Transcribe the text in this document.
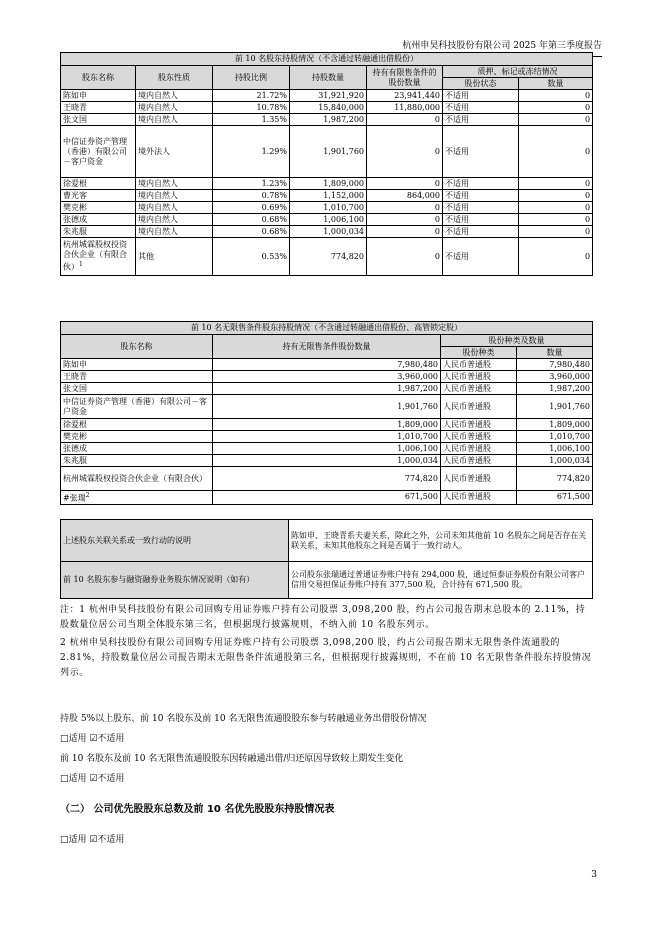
杭州申昊科技股份有限公司 2025 年第三季度报告
前 10 名股东持股情况（不含通过转融通出借股份）						
股东名称	股东性质	持股比例	持股数量	持有有限售条件的股份数量	质押、标记或冻结情况	
					股份状态	数量
陈如申	境内自然人	21.72%	31,921,920	23,941,440	不适用	0
王晓青	境内自然人	10.78%	15,840,000	11,880,000	不适用	0
张文国	境内自然人	1.35%	1,987,200	0	不适用	0
中信证券资产管理（香港）有限公司－客户资金	境外法人	1.29%	1,901,760	0	不适用	0
徐爱根	境内自然人	1.23%	1,809,000	0	不适用	0
曹光客	境内自然人	0.78%	1,152,000	864,000	不适用	0
樊克彬	境内自然人	0.69%	1,010,700	0	不适用	0
张德成	境内自然人	0.68%	1,006,100	0	不适用	0
朱兆服	境内自然人	0.68%	1,000,034	0	不适用	0
杭州城霖股权投资合伙企业（有限合伙）$^1$	其他	0.53%	774,820	0	不适用	0
前 10 名无限售条件股东持股情况（不含通过转融通出借股份、高管锁定股）			
股东名称	持有无限售条件股份数量	股份种类及数量	
		股份种类	数量
陈如申	7,980,480	人民币普通股	7,980,480
王晓青	3,960,000	人民币普通股	3,960,000
张文国	1,987,200	人民币普通股	1,987,200
中信证券资产管理（香港）有限公司－客户资金	1,901,760	人民币普通股	1,901,760
徐爱根	1,809,000	人民币普通股	1,809,000
樊克彬	1,010,700	人民币普通股	1,010,700
张德成	1,006,100	人民币普通股	1,006,100
朱兆服	1,000,034	人民币普通股	1,000,034
杭州城霖股权投资合伙企业（有限合伙）	774,820	人民币普通股	774,820
#张瑞$^2$	671,500	人民币普通股	671,500
上述股东关联关系或一致行动的说明	陈如申、王晓青系夫妻关系，除此之外，公司未知其他前 10 名股东之间是否存在关联关系，未知其他股东之间是否属于一致行动人。
前 10 名股东参与融资融券业务股东情况说明（如有）	公司股东张瑞通过普通证券账户持有 294,000 股，通过恒泰证券股份有限公司客户信用交易担保证券账户持有 377,500 股，合计持有 671,500 股。

注：1 杭州申昊科技股份有限公司回购专用证券账户持有公司股票 3,098,200 股，约占公司报告期末总股本的 2.11%，持股数量位居公司当期全体股东第三名，但根据现行披露规则，不纳入前 10 名股东列示。

2 杭州申昊科技股份有限公司回购专用证券账户持有公司股票 3,098,200 股，约占公司报告期末无限售条件流通股的 2.81%，持股数量位居公司报告期末无限售条件流通股第三名，但根据现行披露规则，不在前 10 名无限售条件股东持股情况列示。

持股 5%以上股东、前 10 名股东及前 10 名无限售流通股股东参与转融通业务出借股份情况

□适用 ☑不适用

前 10 名股东及前 10 名无限售流通股股东因转融通出借/归还原因导致较上期发生变化

□适用 ☑不适用

（二） 公司优先股股东总数及前 10 名优先股股东持股情况表
□适用 ☑不适用
3
